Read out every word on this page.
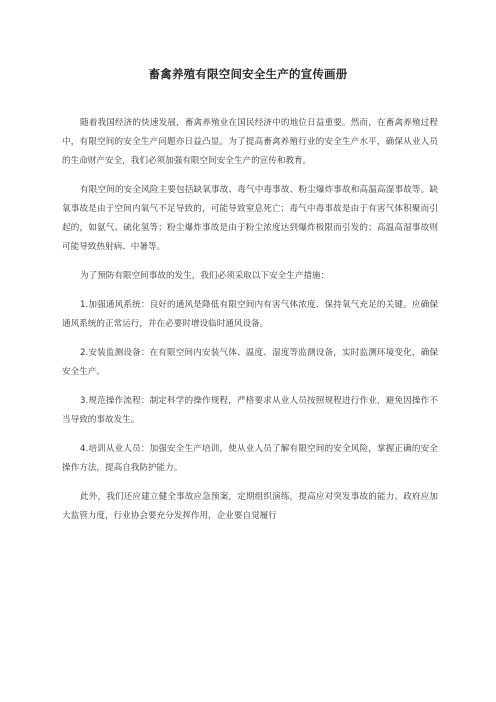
畜禽养殖有限空间安全生产的宣传画册

随着我国经济的快速发展，畜禽养殖业在国民经济中的地位日益重要。然而，在畜禽养殖过程中，有限空间的安全生产问题亦日益凸显。为了提高畜禽养殖行业的安全生产水平，确保从业人员的生命财产安全，我们必须加强有限空间安全生产的宣传和教育。

有限空间的安全风险主要包括缺氧事故、毒气中毒事故、粉尘爆炸事故和高温高湿事故等。缺氧事故是由于空间内氧气不足导致的，可能导致窒息死亡；毒气中毒事故是由于有害气体积聚而引起的，如氨气、硫化氢等；粉尘爆炸事故是由于粉尘浓度达到爆炸极限而引发的；高温高湿事故则可能导致热射病、中暑等。

为了预防有限空间事故的发生，我们必须采取以下安全生产措施：

1.加强通风系统：良好的通风是降低有限空间内有害气体浓度、保持氧气充足的关键。应确保通风系统的正常运行，并在必要时增设临时通风设备。

2.安装监测设备：在有限空间内安装气体、温度、湿度等监测设备，实时监测环境变化，确保安全生产。

3.规范操作流程：制定科学的操作规程，严格要求从业人员按照规程进行作业，避免因操作不当导致的事故发生。

4.培训从业人员：加强安全生产培训，使从业人员了解有限空间的安全风险，掌握正确的安全操作方法，提高自我防护能力。

此外，我们还应建立健全事故应急预案，定期组织演练，提高应对突发事故的能力。政府应加大监管力度，行业协会要充分发挥作用，企业要自觉履行
